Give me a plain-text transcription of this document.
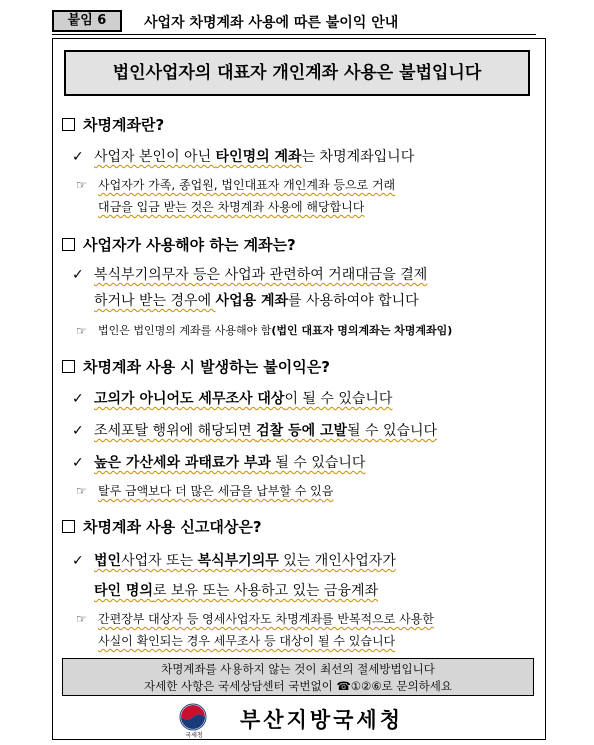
붙임 6	사업자 차명계좌 사용에 따른 불이익 안내
법인사업자의 대표자 개인계좌 사용은 불법입니다
차명계좌란?
✓ 사업자 본인이 아닌 타인명의 계좌는 차명계좌입니다
☞ 사업자가 가족, 종업원, 법인대표자 개인계좌 등으로 거래
대금을 입금 받는 것은 차명계좌 사용에 해당합니다
사업자가 사용해야 하는 계좌는?
✓ 복식부기의무자 등은 사업과 관련하여 거래대금을 결제
하거나 받는 경우에 사업용 계좌를 사용하여야 합니다
☞ 법인은 법인명의 계좌를 사용해야 함(법인 대표자 명의계좌는 차명계좌임)
차명계좌 사용 시 발생하는 불이익은?
✓ 고의가 아니어도 세무조사 대상이 될 수 있습니다
✓ 조세포탈 행위에 해당되면 검찰 등에 고발될 수 있습니다
✓ 높은 가산세와 과태료가 부과 될 수 있습니다
☞ 탈루 금액보다 더 많은 세금을 납부할 수 있음
차명계좌 사용 신고대상은?
✓ 법인사업자 또는 복식부기의무 있는 개인사업자가
타인 명의로 보유 또는 사용하고 있는 금융계좌
☞ 간편장부 대상자 등 영세사업자도 차명계좌를 반복적으로 사용한
사실이 확인되는 경우 세무조사 등 대상이 될 수 있습니다
차명계좌를 사용하지 않는 것이 최선의 절세방법입니다
자세한 사항은 국세상담센터 국번없이 ☎①②⑥로 문의하세요
국세청
부산지방국세청
